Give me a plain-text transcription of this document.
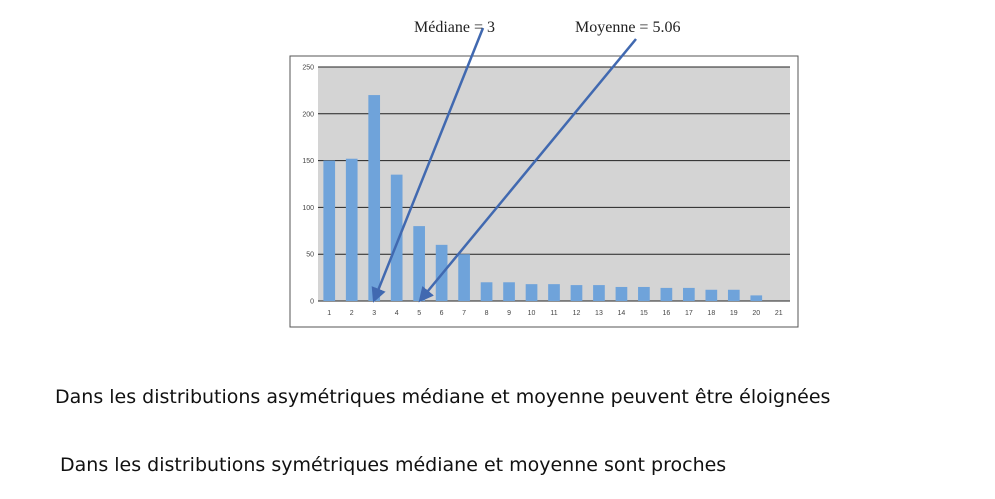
0
50
100
150
200
250
1	2	3	4	5	6	7	8	9 10 11 12 13 14 15 16 17 18 19 20 21
Médiane = 3	Moyenne = 5.06

Dans les distributions asymétriques médiane et moyenne peuvent être éloignées

Dans les distributions symétriques médiane et moyenne sont proches
